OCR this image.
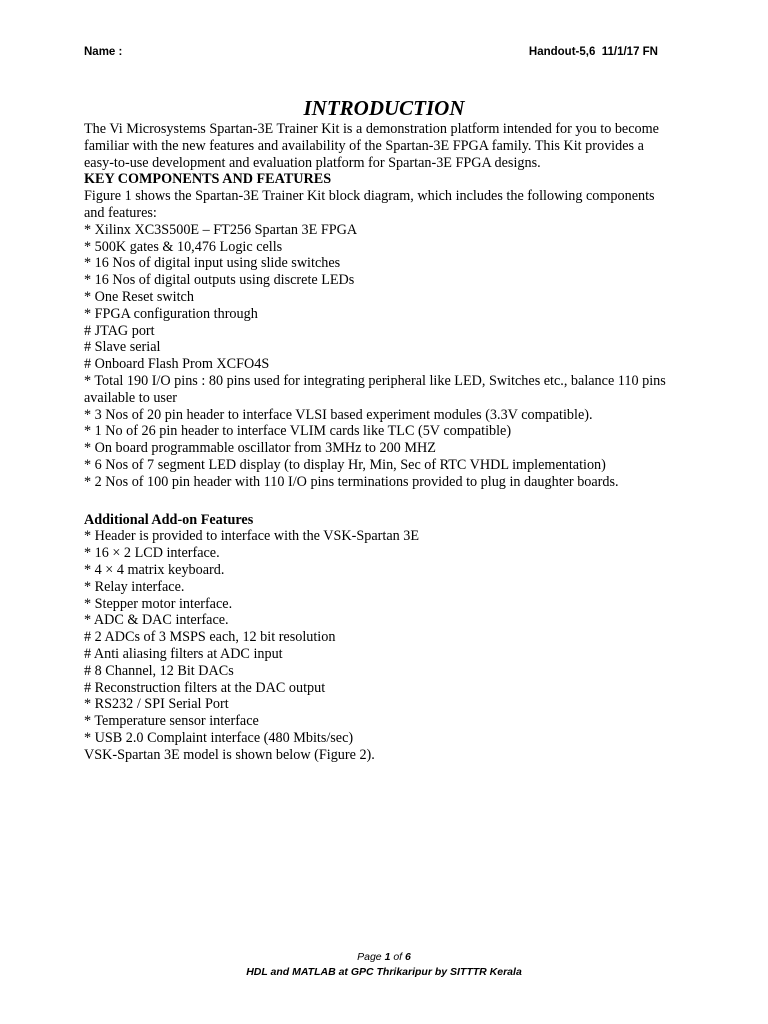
Name :	Handout-5,6  11/1/17 FN
INTRODUCTION

The Vi Microsystems Spartan-3E Trainer Kit is a demonstration platform intended for you to become familiar with the new features and availability of the Spartan-3E FPGA family. This Kit provides a easy-to-use development and evaluation platform for Spartan-3E FPGA designs.

KEY COMPONENTS AND FEATURES

Figure 1 shows the Spartan-3E Trainer Kit block diagram, which includes the following components and features:

* Xilinx XC3S500E – FT256 Spartan 3E FPGA

* 500K gates & 10,476 Logic cells

* 16 Nos of digital input using slide switches

* 16 Nos of digital outputs using discrete LEDs

* One Reset switch

* FPGA configuration through

# JTAG port

# Slave serial

# Onboard Flash Prom XCFO4S

* Total 190 I/O pins : 80 pins used for integrating peripheral like LED, Switches etc., balance 110 pins available to user

* 3 Nos of 20 pin header to interface VLSI based experiment modules (3.3V compatible).

* 1 No of 26 pin header to interface VLIM cards like TLC (5V compatible)

* On board programmable oscillator from 3MHz to 200 MHZ

* 6 Nos of 7 segment LED display (to display Hr, Min, Sec of RTC VHDL implementation)

* 2 Nos of 100 pin header with 110 I/O pins terminations provided to plug in daughter boards.

Additional Add-on Features

* Header is provided to interface with the VSK-Spartan 3E

* 16 × 2 LCD interface.

* 4 × 4 matrix keyboard.

* Relay interface.

* Stepper motor interface.

* ADC & DAC interface.

# 2 ADCs of 3 MSPS each, 12 bit resolution

# Anti aliasing filters at ADC input

# 8 Channel, 12 Bit DACs

# Reconstruction filters at the DAC output

* RS232 / SPI Serial Port

* Temperature sensor interface

* USB 2.0 Complaint interface (480 Mbits/sec)

VSK-Spartan 3E model is shown below (Figure 2).

Page 1 of 6
HDL and MATLAB at GPC Thrikaripur by SITTTR Kerala
